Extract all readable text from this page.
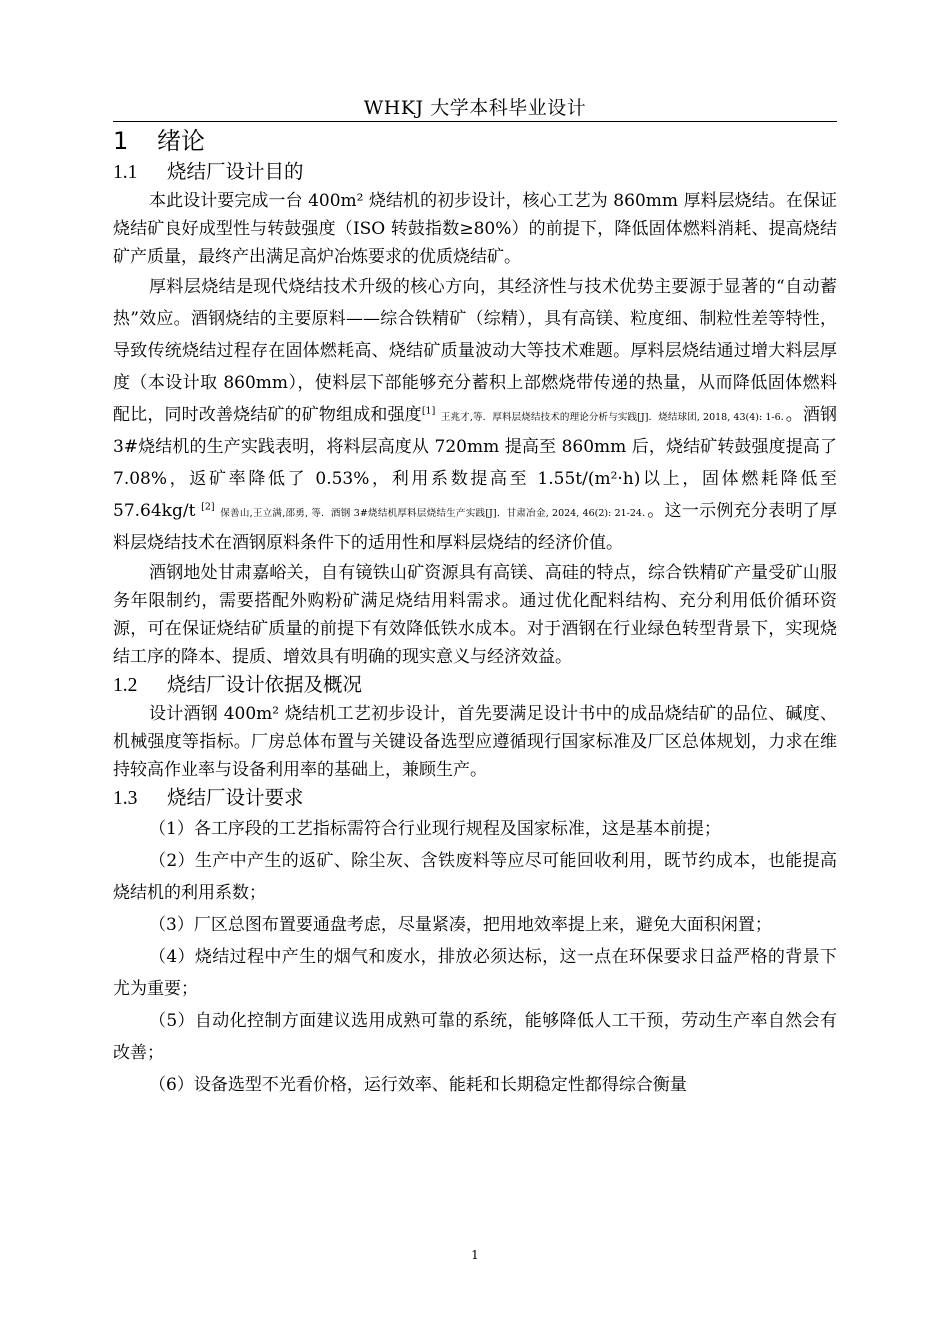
WHKJ 大学本科毕业设计
1 绪论
1.1 烧结厂设计目的

本此设计要完成一台 400m² 烧结机的初步设计，核心工艺为 860mm 厚料层烧结。在保证烧结矿良好成型性与转鼓强度（ISO 转鼓指数≥80%）的前提下，降低固体燃料消耗、提高烧结矿产质量，最终产出满足高炉冶炼要求的优质烧结矿。

厚料层烧结是现代烧结技术升级的核心方向，其经济性与技术优势主要源于显著的“自动蓄热”效应。酒钢烧结的主要原料——综合铁精矿（综精），具有高镁、粒度细、制粒性差等特性，导致传统烧结过程存在固体燃耗高、烧结矿质量波动大等技术难题。厚料层烧结通过增大料层厚度（本设计取 860mm），使料层下部能够充分蓄积上部燃烧带传递的热量，从而降低固体燃料配比，同时改善烧结矿的矿物组成和强度[1] 王兆才,等．厚料层烧结技术的理论分析与实践[J]．烧结球团, 2018, 43(4): 1-6．。酒钢 3#烧结机的生产实践表明，将料层高度从 720mm 提高至 860mm 后，烧结矿转鼓强度提高了 7.08%，返矿率降低了 0.53%，利用系数提高至 1.55t/(m²·h)以上，固体燃耗降低至 57.64kg/t [2] 保善山,王立满,邵勇, 等．酒钢 3#烧结机厚料层烧结生产实践[J]．甘肃冶金, 2024, 46(2): 21-24．。这一示例充分表明了厚料层烧结技术在酒钢原料条件下的适用性和厚料层烧结的经济价值。

酒钢地处甘肃嘉峪关，自有镜铁山矿资源具有高镁、高硅的特点，综合铁精矿产量受矿山服务年限制约，需要搭配外购粉矿满足烧结用料需求。通过优化配料结构、充分利用低价循环资源，可在保证烧结矿质量的前提下有效降低铁水成本。对于酒钢在行业绿色转型背景下，实现烧结工序的降本、提质、增效具有明确的现实意义与经济效益。

1.2 烧结厂设计依据及概况

设计酒钢 400m² 烧结机工艺初步设计，首先要满足设计书中的成品烧结矿的品位、碱度、机械强度等指标。厂房总体布置与关键设备选型应遵循现行国家标准及厂区总体规划，力求在维持较高作业率与设备利用率的基础上，兼顾生产。

1.3 烧结厂设计要求

（1）各工序段的工艺指标需符合行业现行规程及国家标准，这是基本前提；

（2）生产中产生的返矿、除尘灰、含铁废料等应尽可能回收利用，既节约成本，也能提高烧结机的利用系数；

（3）厂区总图布置要通盘考虑，尽量紧凑，把用地效率提上来，避免大面积闲置；

（4）烧结过程中产生的烟气和废水，排放必须达标，这一点在环保要求日益严格的背景下尤为重要；

（5）自动化控制方面建议选用成熟可靠的系统，能够降低人工干预，劳动生产率自然会有改善；

（6）设备选型不光看价格，运行效率、能耗和长期稳定性都得综合衡量

1
